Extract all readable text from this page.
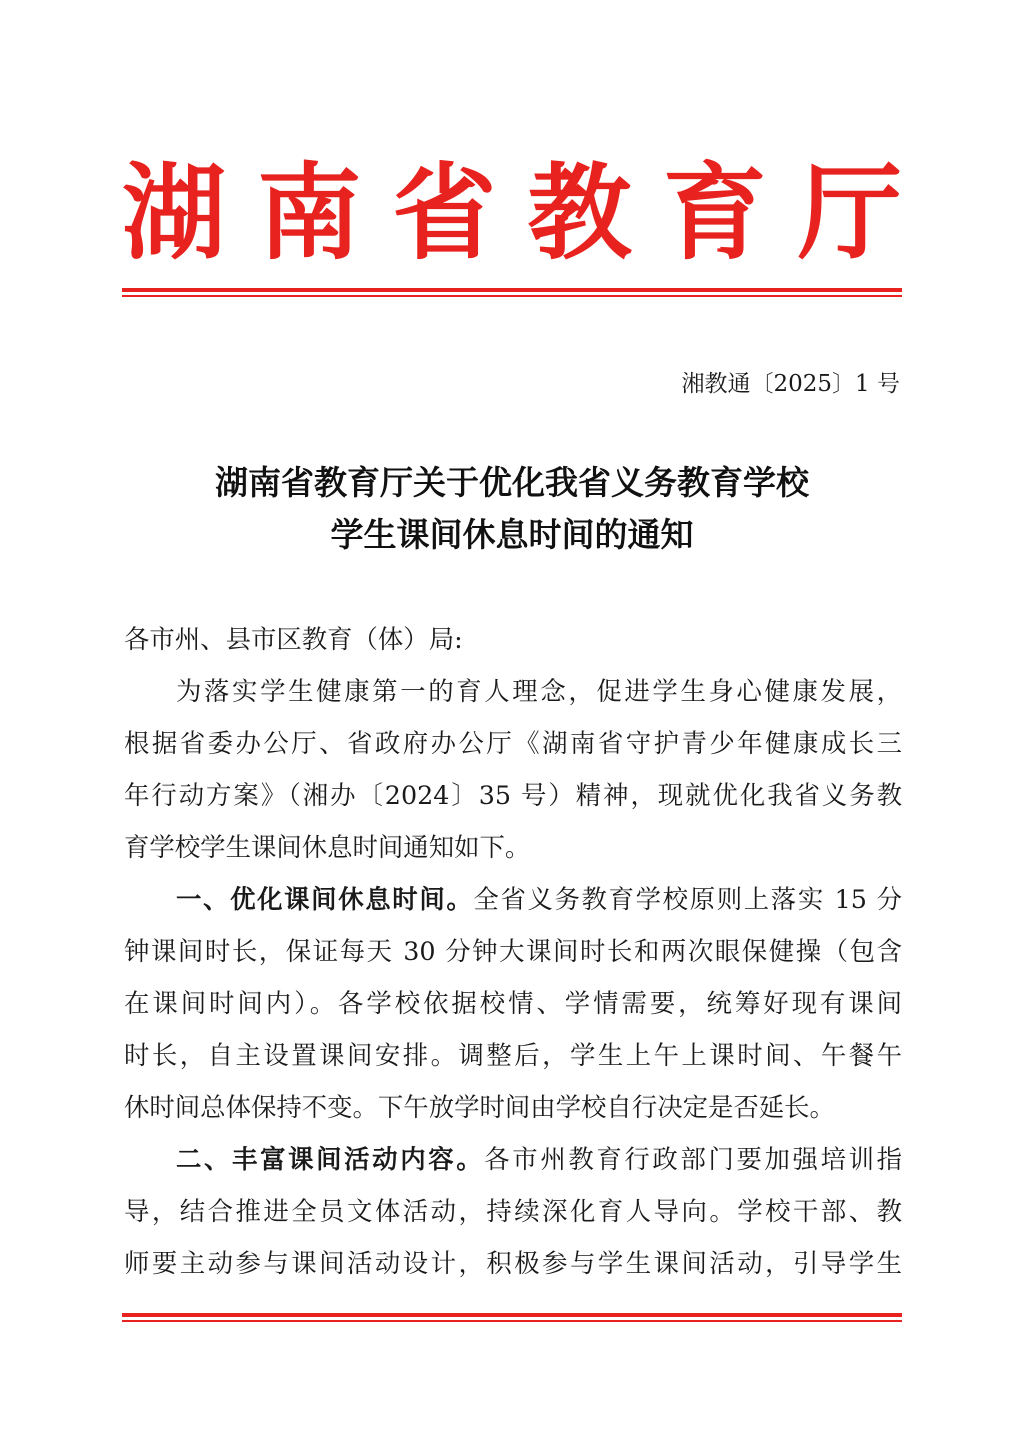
湖 南 省 教 育 厅
湘教通〔2025〕1 号
湖南省教育厅关于优化我省义务教育学校
学生课间休息时间的通知
各市州、县市区教育（体）局:
为落实学生健康第一的育人理念，促进学生身心健康发展，
根据省委办公厅、省政府办公厅《湖南省守护青少年健康成长三
年行动方案》（湘办〔2024〕35 号）精神，现就优化我省义务教
育学校学生课间休息时间通知如下。
一、优化课间休息时间。全省义务教育学校原则上落实 15 分
钟课间时长，保证每天 30 分钟大课间时长和两次眼保健操（包含
在课间时间内）。各学校依据校情、学情需要，统筹好现有课间
时长，自主设置课间安排。调整后，学生上午上课时间、午餐午
休时间总体保持不变。下午放学时间由学校自行决定是否延长。
二、丰富课间活动内容。各市州教育行政部门要加强培训指
导，结合推进全员文体活动，持续深化育人导向。学校干部、教
师要主动参与课间活动设计，积极参与学生课间活动，引导学生
